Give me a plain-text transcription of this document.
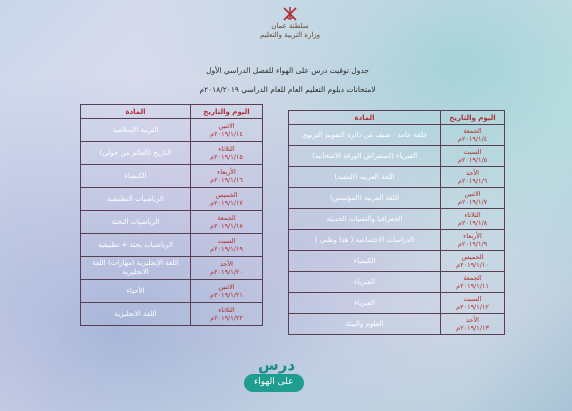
سلطنة عمان
وزارة التربية والتعليم
جدول توقيت درس على الهواء للفصل الدراسي الأول
لامتحانات دبلوم التعليم العام للعام الدراسي ٢٠١٨/٢٠١٩م
اليوم والتاريخ	المادة

الاثنين
٢٠١٩/١/١٤م	التربية الإسلامية

الثلاثاء
٢٠١٩/١/١٥م	التاريخ (العالم من حولي)

الأربعاء
٢٠١٩/١/١٦م	الكيمياء

الخميس
٢٠١٩/١/١٧م	الرياضيات التطبيقية

الجمعة
٢٠١٩/١/١٨م	الرياضيات البحتة

السبت
٢٠١٩/١/١٩م	الرياضيات بحتة + تطبيقية

الأحد
٢٠١٩/١/٢٠م	اللغة الإنجليزية (مهارات) اللغة الانجليزية

الاثنين
٢٠١٩/١/٢١م	الأحياء

الثلاثاء
٢٠١٩/١/٢٢م	اللغة الانجليزية
اليوم والتاريخ	المادة

الجمعة
٢٠١٩/١/٤م	حلقة عامة - ضيف من دائرة التقويم التربوي

السبت
٢٠١٩/١/٥م	الفيزياء (استعراض الورقة الامتحانية)

الأحد
٢٠١٩/١/٦م	اللغة العربية (المقيد)

الاثنين
٢٠١٩/١/٧م	اللغة العربية (المؤسس)

الثلاثاء
٢٠١٩/١/٨م	الجغرافيا والتقنيات الحديثة

الأربعاء
٢٠١٩/١/٩م	الدراسات الاجتماعية ( هذا وطني )

الخميس
٢٠١٩/١/١٠م	الكيمياء

الجمعة
٢٠١٩/١/١١م	الفيزياء

السبت
٢٠١٩/١/١٢م	الفيزياء

الأحد
٢٠١٩/١/١٣م	العلوم والبيئة
درس
على الهواء
